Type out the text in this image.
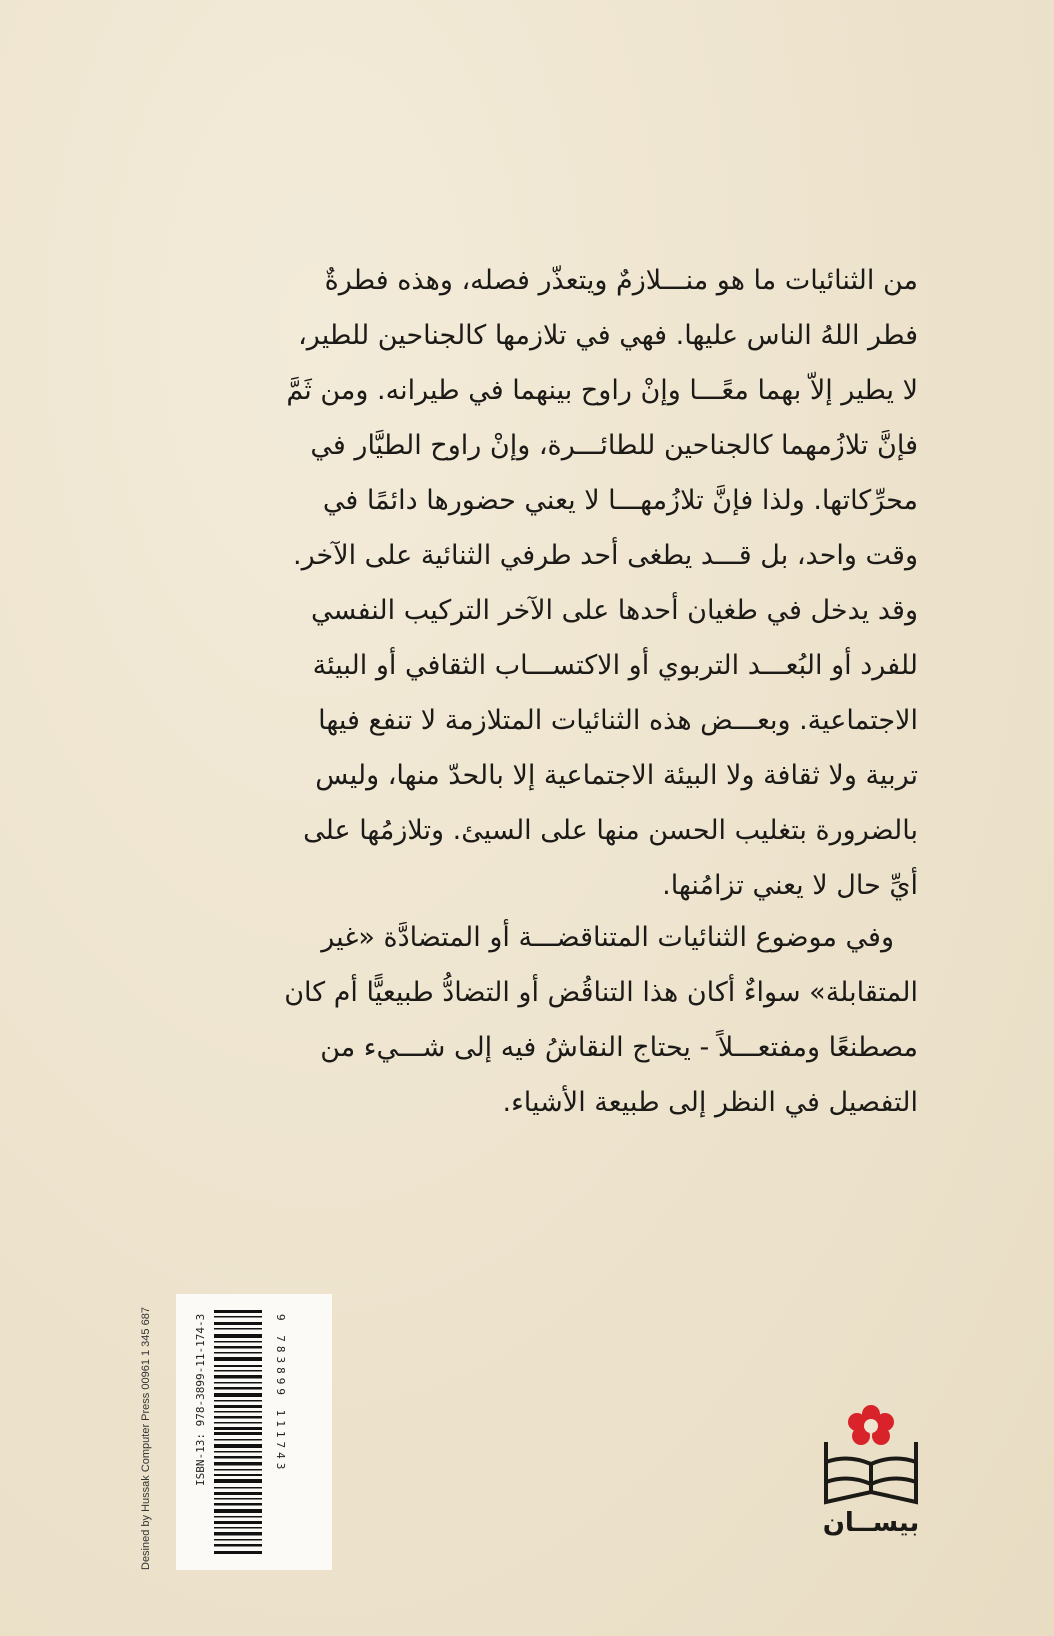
من الثنائيات ما هو منـــلازمٌ ويتعذّر فصله، وهذه فطرةٌ
فطر اللهُ الناس عليها. فهي في تلازمها كالجناحين للطير،
لا يطير إلاّ بهما معًـــا وإنْ راوح بينهما في طيرانه. ومن ثَمَّ
فإنَّ تلازُمهما كالجناحين للطائـــرة، وإنْ راوح الطيَّار في
محرِّكاتها. ولذا فإنَّ تلازُمهـــا لا يعني حضورها دائمًا في
وقت واحد، بل قـــد يطغى أحد طرفي الثنائية على الآخر.
وقد يدخل في طغيان أحدها على الآخر التركيب النفسي
للفرد أو البُعـــد التربوي أو الاكتســـاب الثقافي أو البيئة
الاجتماعية. وبعـــض هذه الثنائيات المتلازمة لا تنفع فيها
تربية ولا ثقافة ولا البيئة الاجتماعية إلا بالحدّ منها، وليس
بالضرورة بتغليب الحسن منها على السيئ. وتلازمُها على
أيِّ حال لا يعني تزامُنها.
وفي موضوع الثنائيات المتناقضـــة أو المتضادَّة «غير
المتقابلة» سواءٌ أكان هذا التناقُض أو التضادُّ طبيعيًّا أم كان
مصطنعًا ومفتعـــلاً - يحتاج النقاشُ فيه إلى شـــيء من
التفصيل في النظر إلى طبيعة الأشياء.
Desined by Hussak Computer Press 00961 1 345 687	ISBN-13: 978-3899-11-174-3	9 783899 111743
بيســان
